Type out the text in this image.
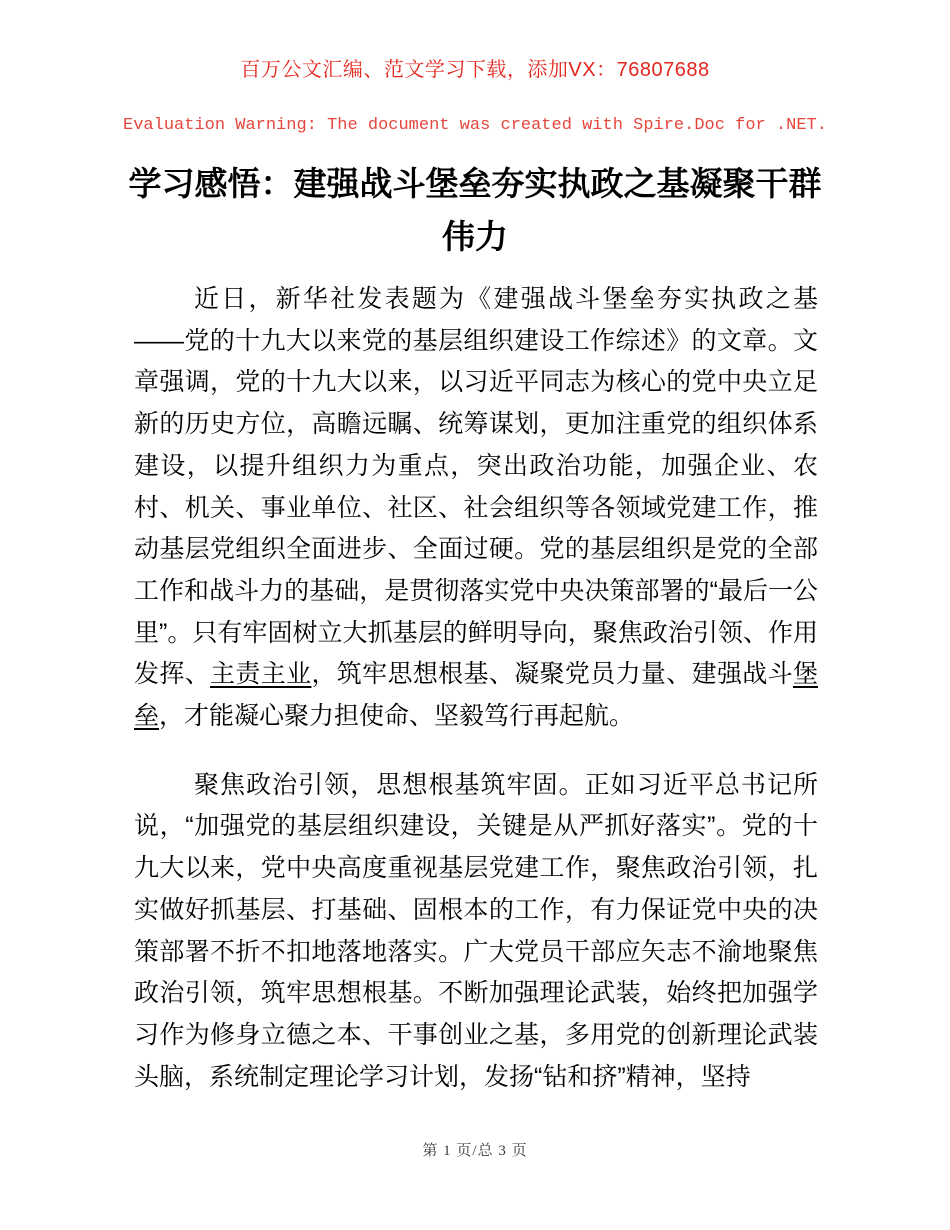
百万公文汇编、范文学习下载，添加VX：76807688
Evaluation Warning: The document was created with Spire.Doc for .NET.
学习感悟：建强战斗堡垒夯实执政之基凝聚干群伟力

近日，新华社发表题为《建强战斗堡垒夯实执政之基——党的十九大以来党的基层组织建设工作综述》的文章。文章强调，党的十九大以来，以习近平同志为核心的党中央立足新的历史方位，高瞻远瞩、统筹谋划，更加注重党的组织体系建设，以提升组织力为重点，突出政治功能，加强企业、农村、机关、事业单位、社区、社会组织等各领域党建工作，推动基层党组织全面进步、全面过硬。党的基层组织是党的全部工作和战斗力的基础，是贯彻落实党中央决策部署的“最后一公里”。只有牢固树立大抓基层的鲜明导向，聚焦政治引领、作用发挥、主责主业，筑牢思想根基、凝聚党员力量、建强战斗堡垒，才能凝心聚力担使命、坚毅笃行再起航。

聚焦政治引领，思想根基筑牢固。正如习近平总书记所说，“加强党的基层组织建设，关键是从严抓好落实”。党的十九大以来，党中央高度重视基层党建工作，聚焦政治引领，扎实做好抓基层、打基础、固根本的工作，有力保证党中央的决策部署不折不扣地落地落实。广大党员干部应矢志不渝地聚焦政治引领，筑牢思想根基。不断加强理论武装，始终把加强学习作为修身立德之本、干事创业之基，多用党的创新理论武装头脑，系统制定理论学习计划，发扬“钻和挤”精神，坚持

第 1 页/总 3 页
